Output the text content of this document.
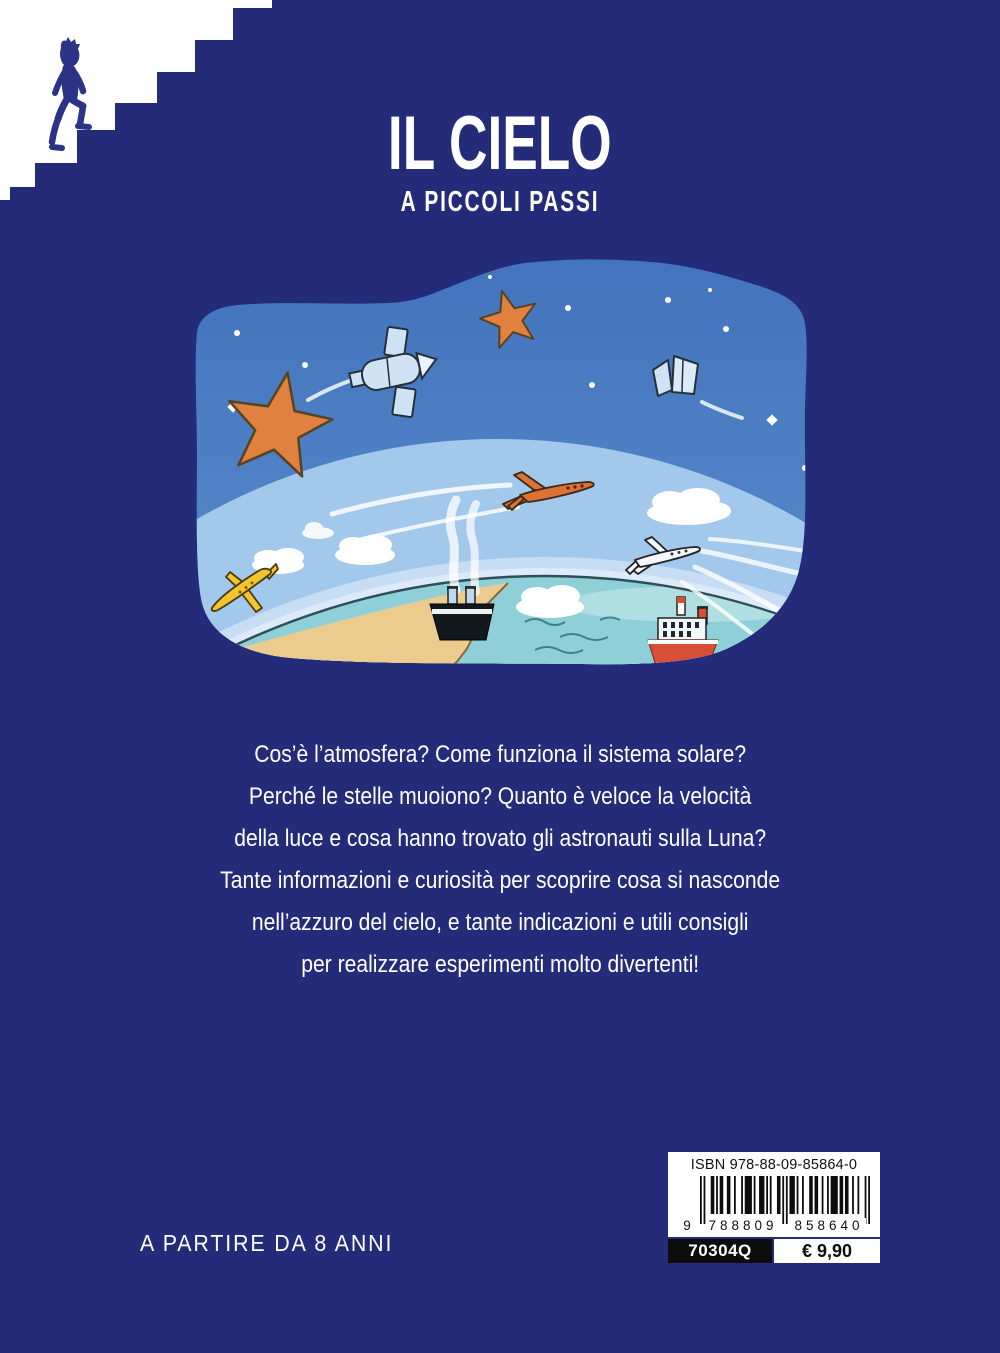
IL CIELO
A PICCOLI PASSI

Cos’è l’atmosfera? Come funziona il sistema solare?

Perché le stelle muoiono? Quanto è veloce la velocità

della luce e cosa hanno trovato gli astronauti sulla Luna?

Tante informazioni e curiosità per scoprire cosa si nasconde

nell’azzuro del cielo, e tante indicazioni e utili consigli

per realizzare esperimenti molto divertenti!

A PARTIRE DA 8 ANNI
ISBN 978-88-09-85864-0
9	788809 858640
70304Q	€ 9,90
